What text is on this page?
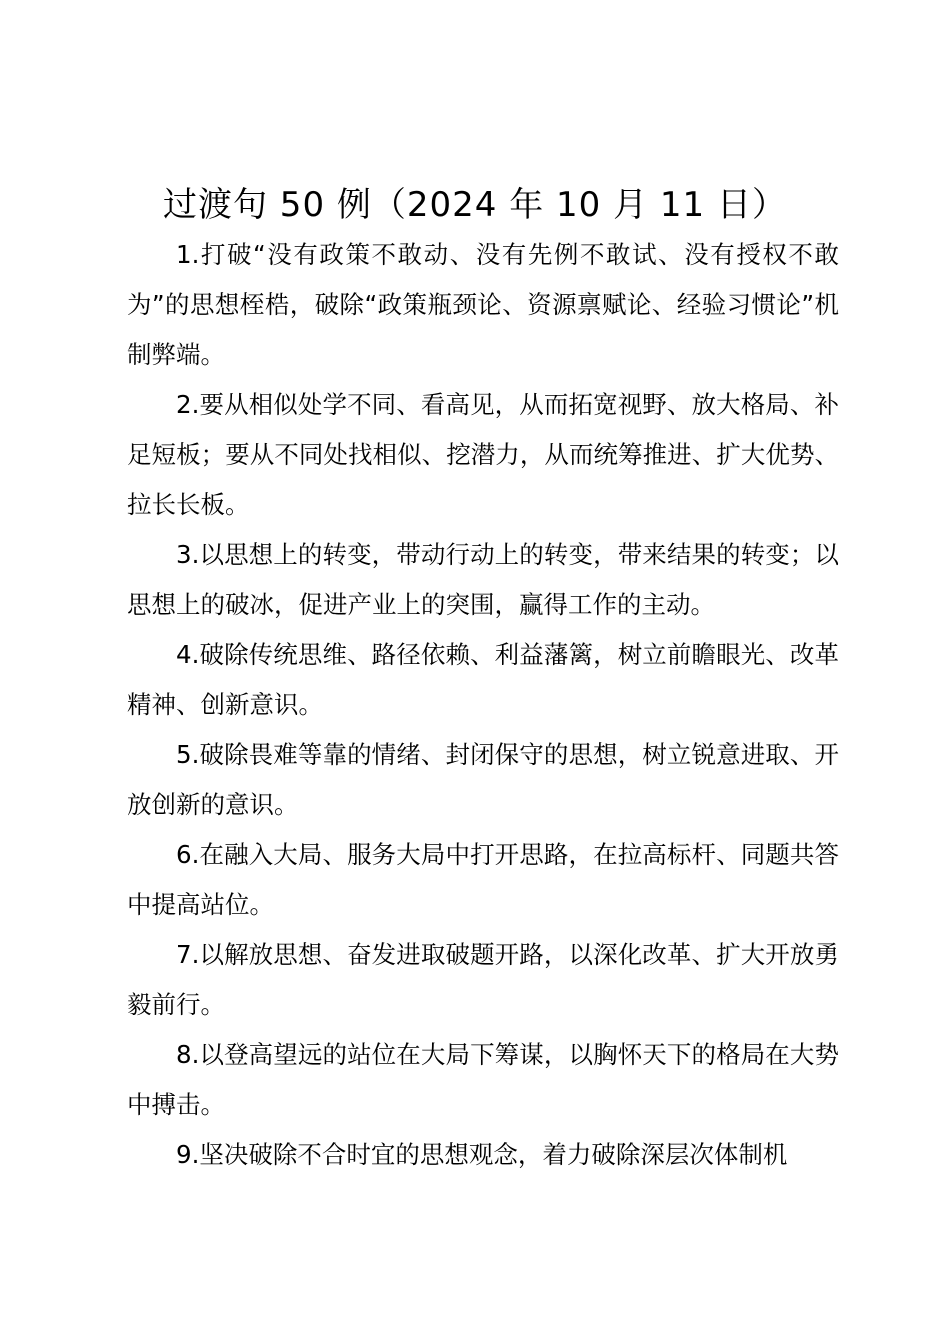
过渡句 50 例（2024 年 10 月 11 日）

1.打破“没有政策不敢动、没有先例不敢试、没有授权不敢为”的思想桎梏，破除“政策瓶颈论、资源禀赋论、经验习惯论”机制弊端。

2.要从相似处学不同、看高见，从而拓宽视野、放大格局、补足短板；要从不同处找相似、挖潜力，从而统筹推进、扩大优势、拉长长板。

3.以思想上的转变，带动行动上的转变，带来结果的转变；以思想上的破冰，促进产业上的突围，赢得工作的主动。

4.破除传统思维、路径依赖、利益藩篱，树立前瞻眼光、改革精神、创新意识。

5.破除畏难等靠的情绪、封闭保守的思想，树立锐意进取、开放创新的意识。

6.在融入大局、服务大局中打开思路，在拉高标杆、同题共答中提高站位。

7.以解放思想、奋发进取破题开路，以深化改革、扩大开放勇毅前行。

8.以登高望远的站位在大局下筹谋，以胸怀天下的格局在大势中搏击。

9.坚决破除不合时宜的思想观念，着力破除深层次体制机
